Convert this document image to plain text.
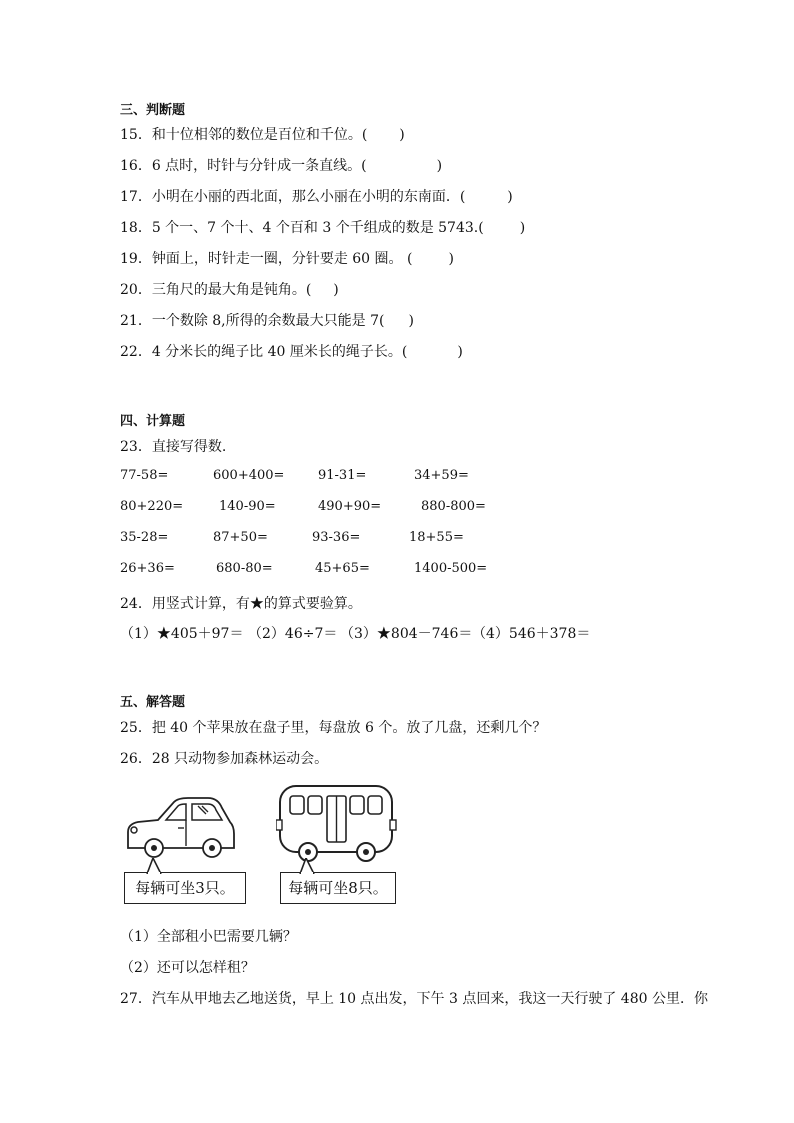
三、判断题
15．和十位相邻的数位是百位和千位。( )
16．6 点时，时针与分针成一条直线。(	)
17．小明在小丽的西北面，那么小丽在小明的东南面．(	)
18．5 个一、7 个十、4 个百和 3 个千组成的数是 5743.(	)
19．钟面上，时针走一圈，分针要走 60 圈。 (	)
20．三角尺的最大角是钝角。( )
21．一个数除 8,所得的余数最大只能是 7( )
22．4 分米长的绳子比 40 厘米长的绳子长。(	)
四、计算题
23．直接写得数.
77-58=	600+400=	91-31=	34+59=
80+220=	140-90=	490+90=	880-800=
35-28=	87+50=	93-36=	18+55=
26+36=	680-80=	45+65=	1400-500=
24．用竖式计算，有★的算式要验算。
（1）★405＋97＝ （2）46÷7＝ （3）★804－746＝ （4）546＋378＝
五、解答题
25．把 40 个苹果放在盘子里，每盘放 6 个。放了几盘，还剩几个？
26．28 只动物参加森林运动会。
每辆可坐3只。	每辆可坐8只。
（1）全部租小巴需要几辆？
（2）还可以怎样租？
27．汽车从甲地去乙地送货，早上 10 点出发，下午 3 点回来，我这一天行驶了 480 公里．你
